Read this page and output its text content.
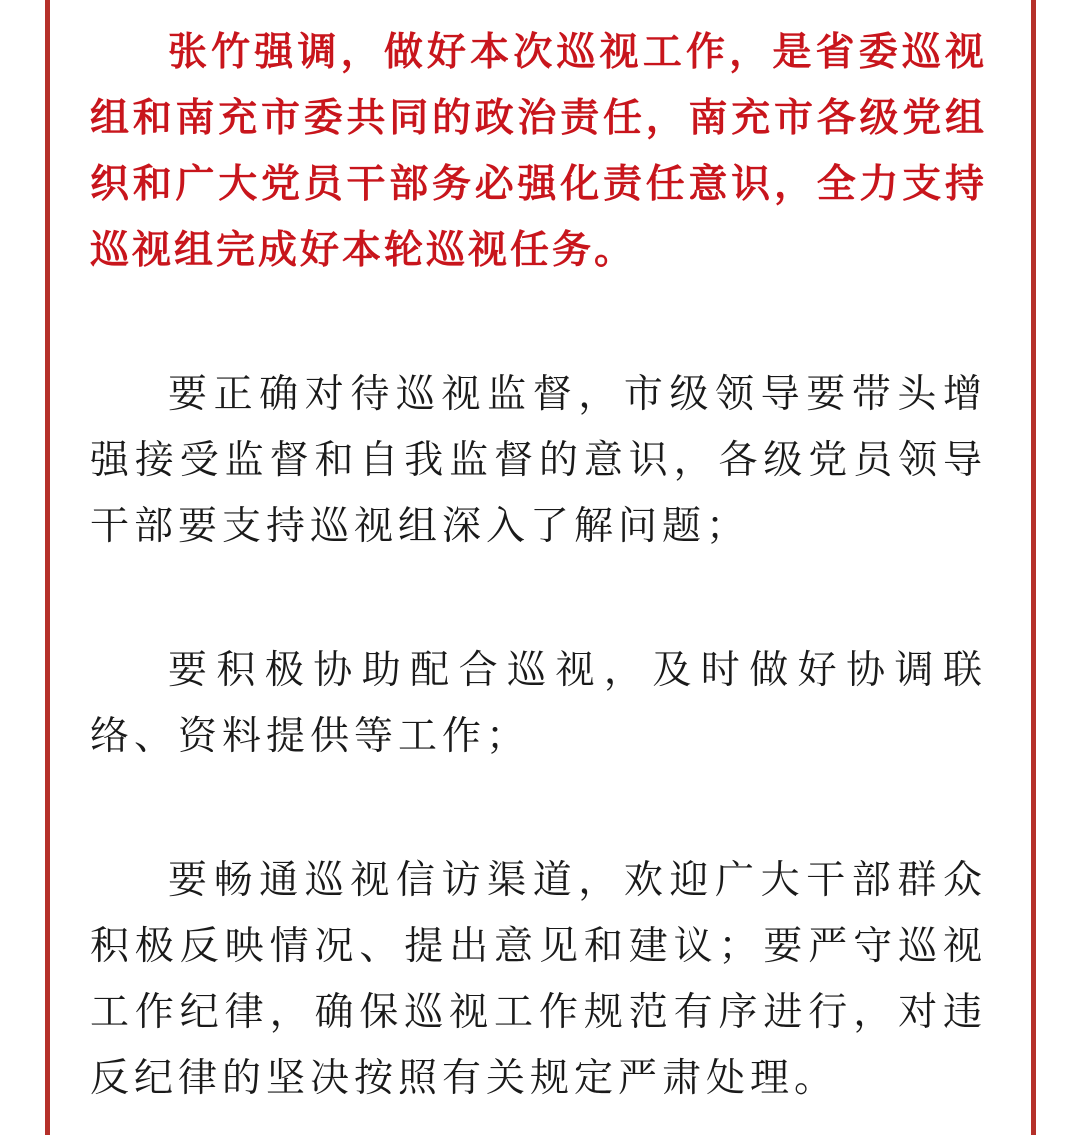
张竹强调，做好本次巡视工作，是省委巡视组和南充市委共同的政治责任，南充市各级党组织和广大党员干部务必强化责任意识，全力支持巡视组完成好本轮巡视任务。

要正确对待巡视监督，市级领导要带头增强接受监督和自我监督的意识，各级党员领导干部要支持巡视组深入了解问题；

要积极协助配合巡视，及时做好协调联络、资料提供等工作；

要畅通巡视信访渠道，欢迎广大干部群众积极反映情况、提出意见和建议；要严守巡视工作纪律，确保巡视工作规范有序进行，对违反纪律的坚决按照有关规定严肃处理。
